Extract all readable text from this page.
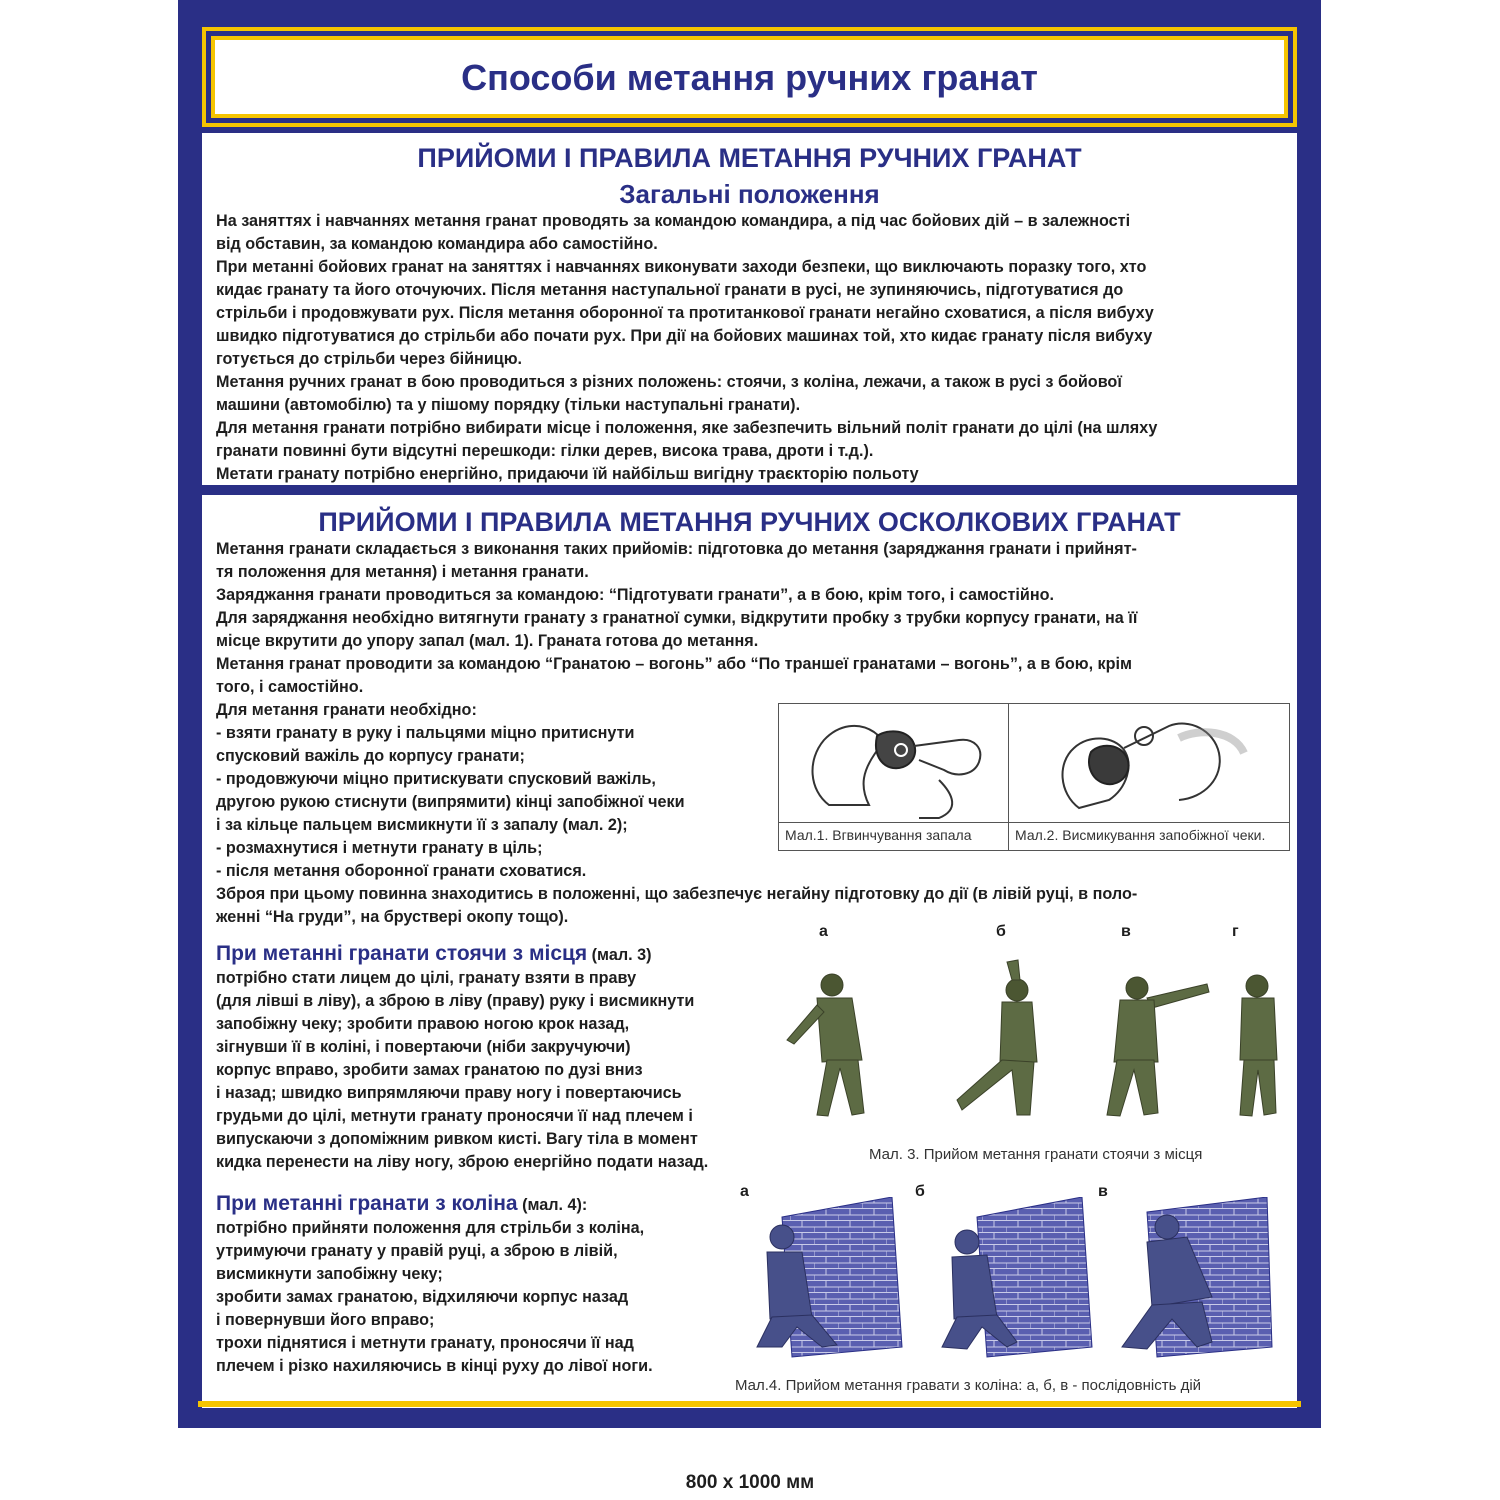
Способи метання ручних гранат
ПРИЙОМИ І ПРАВИЛА МЕТАННЯ РУЧНИХ ГРАНАТ
Загальні положення
На заняттях і навчаннях метання гранат проводять за командою командира, а під час бойових дій – в залежності
від обставин, за командою командира або самостійно.
При метанні бойових гранат на заняттях і навчаннях виконувати заходи безпеки, що виключають поразку того, хто
кидає гранату та його оточуючих. Після метання наступальної гранати в русі, не зупиняючись, підготуватися до
стрільби і продовжувати рух. Після метання оборонної та протитанкової гранати негайно сховатися, а після вибуху
швидко підготуватися до стрільби або почати рух. При дії на бойових машинах той, хто кидає гранату після вибуху
готується до стрільби через бійницю.
Метання ручних гранат в бою проводиться з різних положень: стоячи, з коліна, лежачи, а також в русі з бойової
машини (автомобілю) та у пішому порядку (тільки наступальні гранати).
Для метання гранати потрібно вибирати місце і положення, яке забезпечить вільний політ гранати до цілі (на шляху
гранати повинні бути відсутні перешкоди: гілки дерев, висока трава, дроти і т.д.).
Метати гранату потрібно енергійно, придаючи їй найбільш вигідну траєкторію польоту
ПРИЙОМИ І ПРАВИЛА МЕТАННЯ РУЧНИХ ОСКОЛКОВИХ ГРАНАТ
Метання гранати складається з виконання таких прийомів: підготовка до метання (заряджання гранати і прийнят-
тя положення для метання) і метання гранати.
Заряджання гранати проводиться за командою: “Підготувати гранати”, а в бою, крім того, і самостійно.
Для заряджання необхідно витягнути гранату з гранатної сумки, відкрутити пробку з трубки корпусу гранати, на її
місце вкрутити до упору запал (мал. 1). Граната готова до метання.
Метання гранат проводити за командою “Гранатою – вогонь” або “По траншеї гранатами – вогонь”, а в бою, крім
того, і самостійно.
Для метання гранати необхідно:
- взяти гранату в руку і пальцями міцно притиснути
спусковий важіль до корпусу гранати;
- продовжуючи міцно притискувати спусковий важіль,
другою рукою стиснути (випрямити) кінці запобіжної чеки
і за кільце пальцем висмикнути її з запалу (мал. 2);
- розмахнутися і метнути гранату в ціль;
- після метання оборонної гранати сховатися.
Зброя при цьому повинна знаходитись в положенні, що забезпечує негайну підготовку до дії (в лівій руці, в поло-
женні “На груди”, на бруствері окопу тощо).
Мал.1. Вгвинчування запала	Мал.2. Висмикування запобіжної чеки.
При метанні гранати стоячи з місця (мал. 3)
потрібно стати лицем до цілі, гранату взяти в праву
(для лівші в ліву), а зброю в ліву (праву) руку і висмикнути
запобіжну чеку; зробити правою ногою крок назад,
зігнувши її в коліні, і повертаючи (ніби закручуючи)
корпус вправо, зробити замах гранатою по дузі вниз
і назад; швидко випрямляючи праву ногу і повертаючись
грудьми до цілі, метнути гранату проносячи її над плечем і
випускаючи з допоміжним ривком кисті. Вагу тіла в момент
кидка перенести на ліву ногу, зброю енергійно подати назад.
а	б	в	г
Мал. 3. Прийом метання гранати стоячи з місця
При метанні гранати з коліна (мал. 4):
потрібно прийняти положення для стрільби з коліна,
утримуючи гранату у правій руці, а зброю в лівій,
висмикнути запобіжну чеку;
зробити замах гранатою, відхиляючи корпус назад
і повернувши його вправо;
трохи піднятися і метнути гранату, проносячи її над
плечем і різко нахиляючись в кінці руху до лівої ноги.
а	б	в
Мал.4. Прийом метання гравати з коліна: а, б, в - послідовність дій
800 х 1000 мм
